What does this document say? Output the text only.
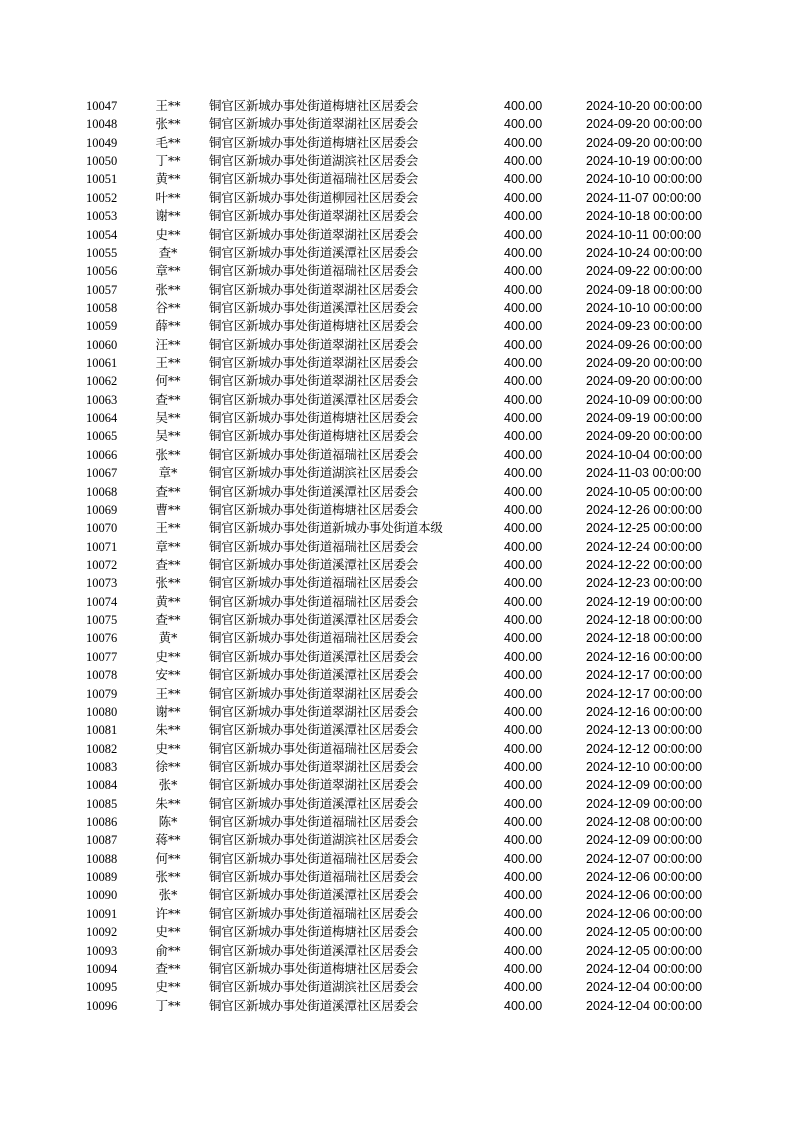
10047	王**	铜官区新城办事处街道梅塘社区居委会	400.00	2024-10-20 00:00:00
10048	张**	铜官区新城办事处街道翠湖社区居委会	400.00	2024-09-20 00:00:00
10049	毛**	铜官区新城办事处街道梅塘社区居委会	400.00	2024-09-20 00:00:00
10050	丁**	铜官区新城办事处街道湖滨社区居委会	400.00	2024-10-19 00:00:00
10051	黄**	铜官区新城办事处街道福瑞社区居委会	400.00	2024-10-10 00:00:00
10052	叶**	铜官区新城办事处街道柳园社区居委会	400.00	2024-11-07 00:00:00
10053	谢**	铜官区新城办事处街道翠湖社区居委会	400.00	2024-10-18 00:00:00
10054	史**	铜官区新城办事处街道翠湖社区居委会	400.00	2024-10-11 00:00:00
10055	查*	铜官区新城办事处街道溪潭社区居委会	400.00	2024-10-24 00:00:00
10056	章**	铜官区新城办事处街道福瑞社区居委会	400.00	2024-09-22 00:00:00
10057	张**	铜官区新城办事处街道翠湖社区居委会	400.00	2024-09-18 00:00:00
10058	谷**	铜官区新城办事处街道溪潭社区居委会	400.00	2024-10-10 00:00:00
10059	薛**	铜官区新城办事处街道梅塘社区居委会	400.00	2024-09-23 00:00:00
10060	汪**	铜官区新城办事处街道翠湖社区居委会	400.00	2024-09-26 00:00:00
10061	王**	铜官区新城办事处街道翠湖社区居委会	400.00	2024-09-20 00:00:00
10062	何**	铜官区新城办事处街道翠湖社区居委会	400.00	2024-09-20 00:00:00
10063	查**	铜官区新城办事处街道溪潭社区居委会	400.00	2024-10-09 00:00:00
10064	吴**	铜官区新城办事处街道梅塘社区居委会	400.00	2024-09-19 00:00:00
10065	吴**	铜官区新城办事处街道梅塘社区居委会	400.00	2024-09-20 00:00:00
10066	张**	铜官区新城办事处街道福瑞社区居委会	400.00	2024-10-04 00:00:00
10067	章*	铜官区新城办事处街道湖滨社区居委会	400.00	2024-11-03 00:00:00
10068	查**	铜官区新城办事处街道溪潭社区居委会	400.00	2024-10-05 00:00:00
10069	曹**	铜官区新城办事处街道梅塘社区居委会	400.00	2024-12-26 00:00:00
10070	王**	铜官区新城办事处街道新城办事处街道本级	400.00	2024-12-25 00:00:00
10071	章**	铜官区新城办事处街道福瑞社区居委会	400.00	2024-12-24 00:00:00
10072	查**	铜官区新城办事处街道溪潭社区居委会	400.00	2024-12-22 00:00:00
10073	张**	铜官区新城办事处街道福瑞社区居委会	400.00	2024-12-23 00:00:00
10074	黄**	铜官区新城办事处街道福瑞社区居委会	400.00	2024-12-19 00:00:00
10075	查**	铜官区新城办事处街道溪潭社区居委会	400.00	2024-12-18 00:00:00
10076	黄*	铜官区新城办事处街道福瑞社区居委会	400.00	2024-12-18 00:00:00
10077	史**	铜官区新城办事处街道溪潭社区居委会	400.00	2024-12-16 00:00:00
10078	安**	铜官区新城办事处街道溪潭社区居委会	400.00	2024-12-17 00:00:00
10079	王**	铜官区新城办事处街道翠湖社区居委会	400.00	2024-12-17 00:00:00
10080	谢**	铜官区新城办事处街道翠湖社区居委会	400.00	2024-12-16 00:00:00
10081	朱**	铜官区新城办事处街道溪潭社区居委会	400.00	2024-12-13 00:00:00
10082	史**	铜官区新城办事处街道福瑞社区居委会	400.00	2024-12-12 00:00:00
10083	徐**	铜官区新城办事处街道翠湖社区居委会	400.00	2024-12-10 00:00:00
10084	张*	铜官区新城办事处街道翠湖社区居委会	400.00	2024-12-09 00:00:00
10085	朱**	铜官区新城办事处街道溪潭社区居委会	400.00	2024-12-09 00:00:00
10086	陈*	铜官区新城办事处街道福瑞社区居委会	400.00	2024-12-08 00:00:00
10087	蒋**	铜官区新城办事处街道湖滨社区居委会	400.00	2024-12-09 00:00:00
10088	何**	铜官区新城办事处街道福瑞社区居委会	400.00	2024-12-07 00:00:00
10089	张**	铜官区新城办事处街道福瑞社区居委会	400.00	2024-12-06 00:00:00
10090	张*	铜官区新城办事处街道溪潭社区居委会	400.00	2024-12-06 00:00:00
10091	许**	铜官区新城办事处街道福瑞社区居委会	400.00	2024-12-06 00:00:00
10092	史**	铜官区新城办事处街道梅塘社区居委会	400.00	2024-12-05 00:00:00
10093	俞**	铜官区新城办事处街道溪潭社区居委会	400.00	2024-12-05 00:00:00
10094	查**	铜官区新城办事处街道梅塘社区居委会	400.00	2024-12-04 00:00:00
10095	史**	铜官区新城办事处街道湖滨社区居委会	400.00	2024-12-04 00:00:00
10096	丁**	铜官区新城办事处街道溪潭社区居委会	400.00	2024-12-04 00:00:00
